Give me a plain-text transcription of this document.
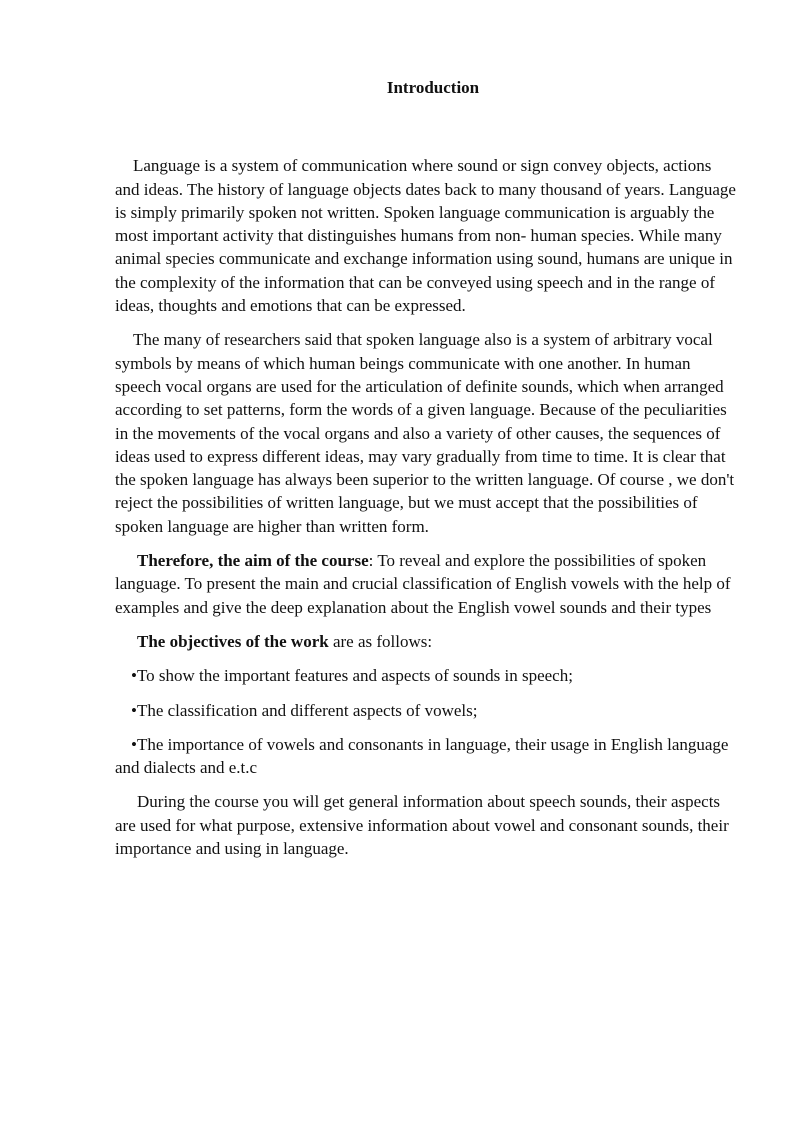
Introduction

Language is a system of communication where sound or sign convey objects, actions and ideas. The history of language objects dates back to many thousand of years. Language is simply primarily spoken not written. Spoken language communication is arguably the most important activity that distinguishes humans from non- human species. While many animal species communicate and exchange information using sound, humans are unique in the complexity of the information that can be conveyed using speech and in the range of ideas, thoughts and emotions that can be expressed.

The many of researchers said that spoken language also is a system of arbitrary vocal symbols by means of which human beings communicate with one another. In human speech vocal organs are used for the articulation of definite sounds, which when arranged according to set patterns, form the words of a given language. Because of the peculiarities in the movements of the vocal organs and also a variety of other causes, the sequences of ideas used to express different ideas, may vary gradually from time to time. It is clear that the spoken language has always been superior to the written language. Of course , we don't reject the possibilities of written language, but we must accept that the possibilities of spoken language are higher than written form.

Therefore, the aim of the course: To reveal and explore the possibilities of spoken language. To present the main and crucial classification of English vowels with the help of examples and give the deep explanation about the English vowel sounds and their types

The objectives of the work are as follows:

•To show the important features and aspects of sounds in speech;

•The classification and different aspects of vowels;

•The importance of vowels and consonants in language, their usage in English language and dialects and e.t.c

During the course you will get general information about speech sounds, their aspects are used for what purpose, extensive information about vowel and consonant sounds, their importance and using in language.
